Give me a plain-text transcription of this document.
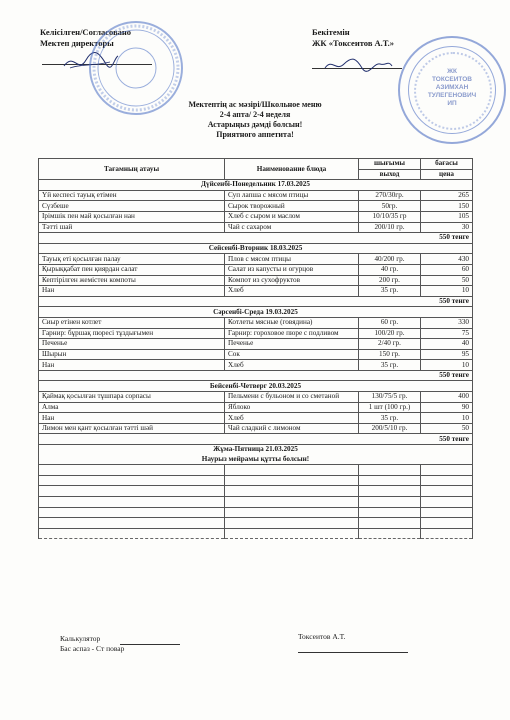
Келісілген/Согласовано
Мектеп директоры
Бекітемін
ЖК «Токсеитов А.Т.»
ЖК
ТОКСЕИТОВ
АЗИМХАН
ТУЛЕГЕНОВИЧ
ИП
Мектептің ас мәзірі/Школьное меню
2-4 апта/ 2-4 неделя
Астарыңыз дәмді болсын!
Приятного аппетита!
Тағамның атауы	Наименование блюда	шығымы	бағасы
		выход	цена
Дүйсенбі-Понедельник 17.03.2025			
Үй кеспесі тауық етімен	Суп лапша с мясом птицы	270/30гр.	265
Сүзбеше	Сырок творожный	50гр.	150
Ірімшік пен май қосылған нан	Хлеб с сыром и маслом	10/10/35 гр	105
Тәтті шай	Чай с сахаром	200/10 гр.	30
550 тенге			
Сейсенбі-Вторник 18.03.2025			
Тауық еті қосылған палау	Плов с мясом птицы	40/200 гр.	430
Қырыққабат пен қиярдан салат	Салат из капусты и огурцов	40 гр.	60
Кептірілген жемістен компоты	Компот из сухофруктов	200 гр.	50
Нан	Хлеб	35 гр.	10
550 тенге			
Сәрсенбі-Среда 19.03.2025			
Сиыр етінен котлет	Котлеты мясные (говядина)	60 гр.	330
Гарнир: бұршақ пюресі тұздығымен	Гарнир: гороховое пюре с подливом	100/20 гр.	75
Печенье	Печенье	2/40 гр.	40
Шырын	Сок	150 гр.	95
Нан	Хлеб	35 гр.	10
550 тенге			
Бейсенбі-Четверг 20.03.2025			
Қаймақ қосылған тұшпара сорпасы	Пельмени с бульоном и со сметаной	130/75/5 гр.	400
Алма	Яблоко	1 шт (100 гр.)	90
Нан	Хлеб	35 гр.	10
Лимон мен қант қосылған тәтті шәй	Чай сладкий с лимоном	200/5/10 гр.	50
550 тенге			
Жұма-Пятница 21.03.2025			
Наурыз мейрамы құтты болсын!			

Калькулятор
Бас аспаз - Ст повар
Токсеитов А.Т.
